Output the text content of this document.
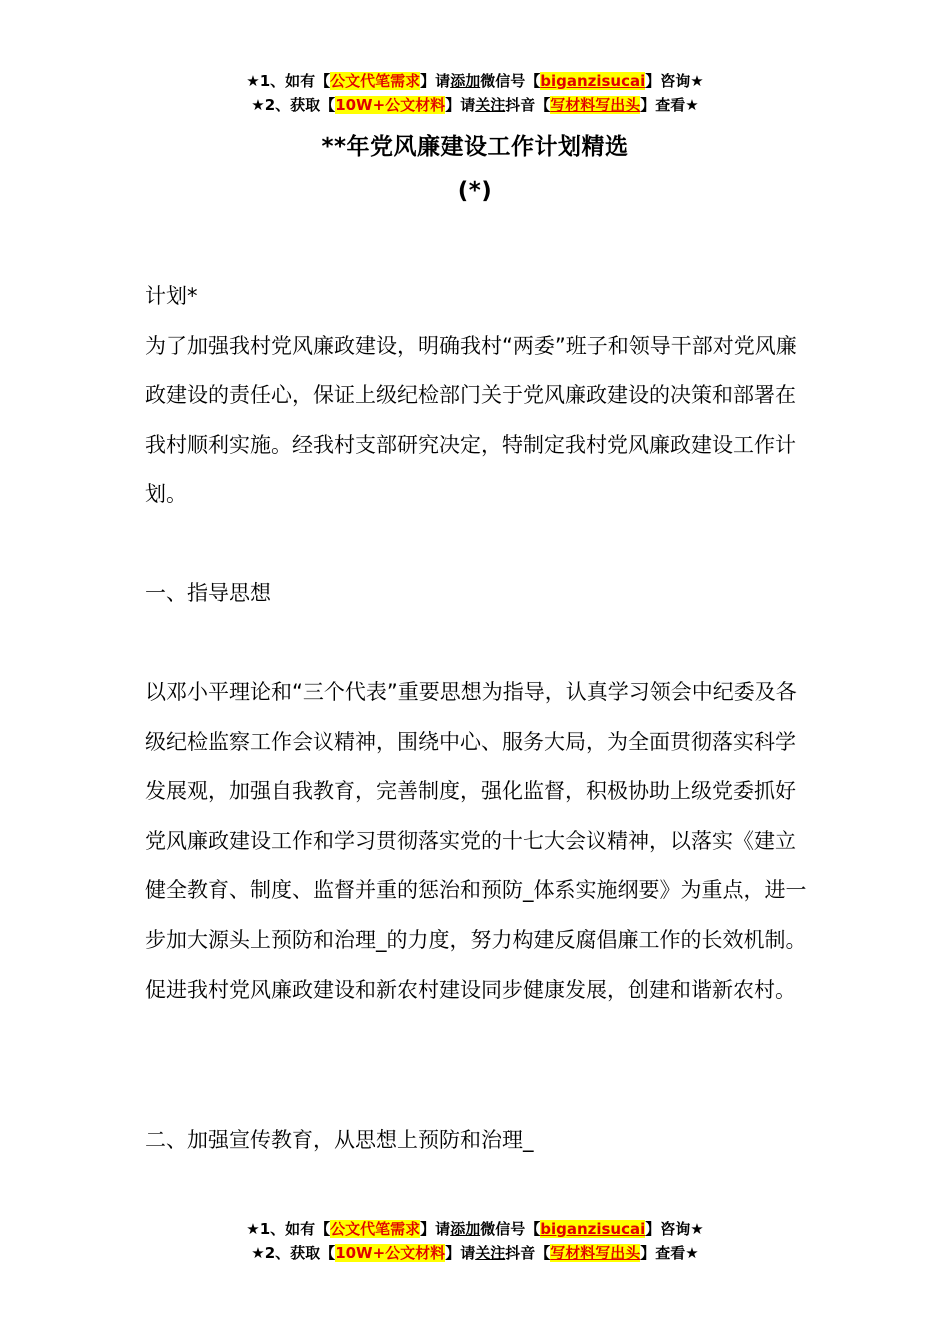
★1、如有【公文代笔需求】请添加微信号【biganzisucai】咨询★
★2、获取【10W+公文材料】请关注抖音【写材料写出头】查看★
**年党风廉建设工作计划精选
(*)

计划*

为了加强我村党风廉政建设，明确我村“两委”班子和领导干部对党风廉政建设的责任心，保证上级纪检部门关于党风廉政建设的决策和部署在我村顺利实施。经我村支部研究决定，特制定我村党风廉政建设工作计划。

一、指导思想

以邓小平理论和“三个代表”重要思想为指导，认真学习领会中纪委及各级纪检监察工作会议精神，围绕中心、服务大局，为全面贯彻落实科学发展观，加强自我教育，完善制度，强化监督，积极协助上级党委抓好党风廉政建设工作和学习贯彻落实党的十七大会议精神，以落实《建立健全教育、制度、监督并重的惩治和预防_体系实施纲要》为重点，进一步加大源头上预防和治理_的力度，努力构建反腐倡廉工作的长效机制。促进我村党风廉政建设和新农村建设同步健康发展，创建和谐新农村。

二、加强宣传教育，从思想上预防和治理_

★1、如有【公文代笔需求】请添加微信号【biganzisucai】咨询★
★2、获取【10W+公文材料】请关注抖音【写材料写出头】查看★
